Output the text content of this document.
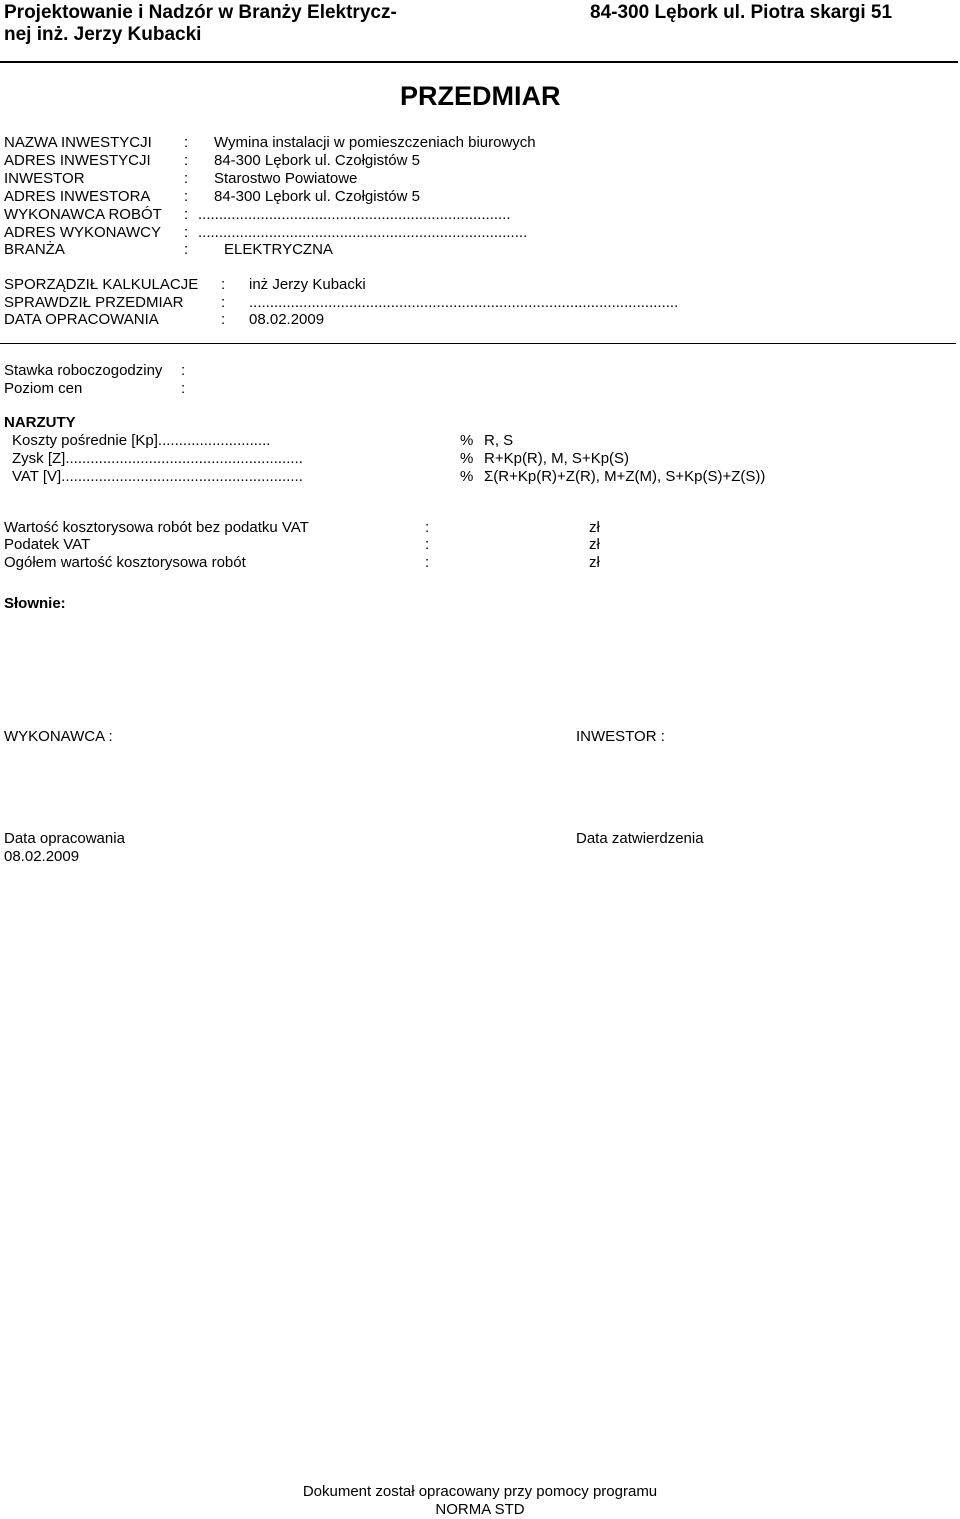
Projektowanie i Nadzór w Branży Elektrycz-
nej inż. Jerzy Kubacki
84-300 Lębork ul. Piotra skargi 51
PRZEDMIAR
NAZWA INWESTYCJI : Wymina instalacji w pomieszczeniach biurowych
ADRES INWESTYCJI : 84-300 Lębork ul. Czołgistów 5
INWESTOR	: Starostwo Powiatowe
ADRES INWESTORA : 84-300 Lębork ul. Czołgistów 5
WYKONAWCA ROBÓT : ...........................................................................
ADRES WYKONAWCY : ...............................................................................
BRANŻA	: ELEKTRYCZNA
SPORZĄDZIŁ KALKULACJE : inż Jerzy Kubacki
SPRAWDZIŁ PRZEDMIAR	: .......................................................................................................
DATA OPRACOWANIA	: 08.02.2009
Stawka roboczogodziny :
Poziom cen	:
NARZUTY
Koszty pośrednie [Kp]...........................	% R, S
Zysk [Z].........................................................	% R+Kp(R), M, S+Kp(S)
VAT [V]..........................................................	% Σ(R+Kp(R)+Z(R), M+Z(M), S+Kp(S)+Z(S))
Wartość kosztorysowa robót bez podatku VAT	:	zł
Podatek VAT	:	zł
Ogółem wartość kosztorysowa robót	:	zł
Słownie:
WYKONAWCA :	INWESTOR :
Data opracowania
08.02.2009
Data zatwierdzenia
Dokument został opracowany przy pomocy programu
NORMA STD
